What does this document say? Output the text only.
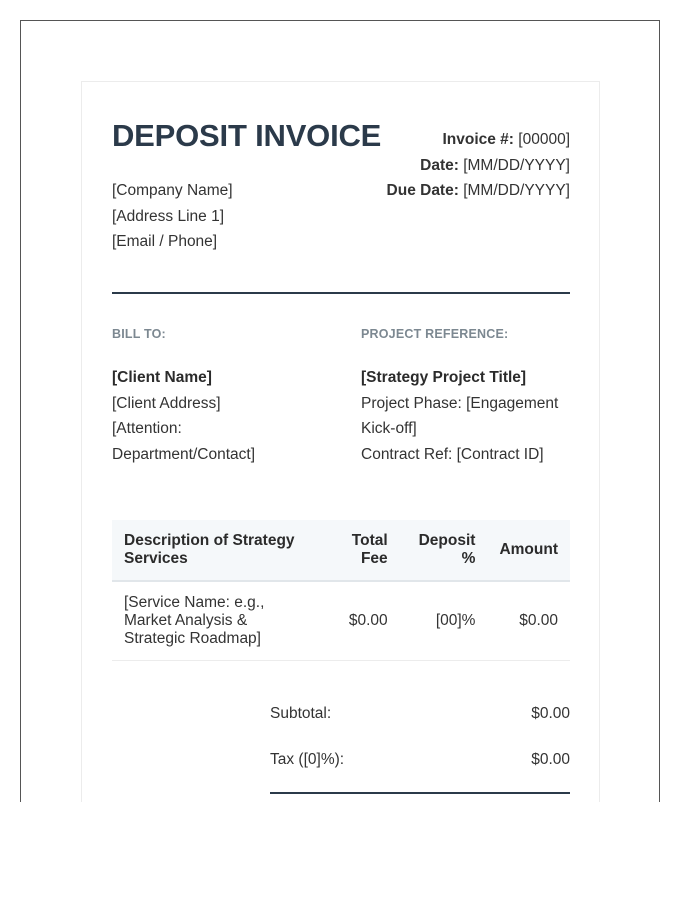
DEPOSIT INVOICE
[Company Name]
[Address Line 1]
[Email / Phone]
Invoice #: [00000]
Date: [MM/DD/YYYY]
Due Date: [MM/DD/YYYY]
BILL TO:	PROJECT REFERENCE:
[Client Name]
[Client Address]
[Attention:
Department/Contact]
[Strategy Project Title]
Project Phase: [Engagement
Kick-off]
Contract Ref: [Contract ID]
Description of Strategy Services	Total Fee	Deposit %	Amount
[Service Name: e.g., Market Analysis & Strategic Roadmap]	$0.00	[00]%	$0.00
Subtotal:	$0.00
Tax ([0]%):	$0.00
